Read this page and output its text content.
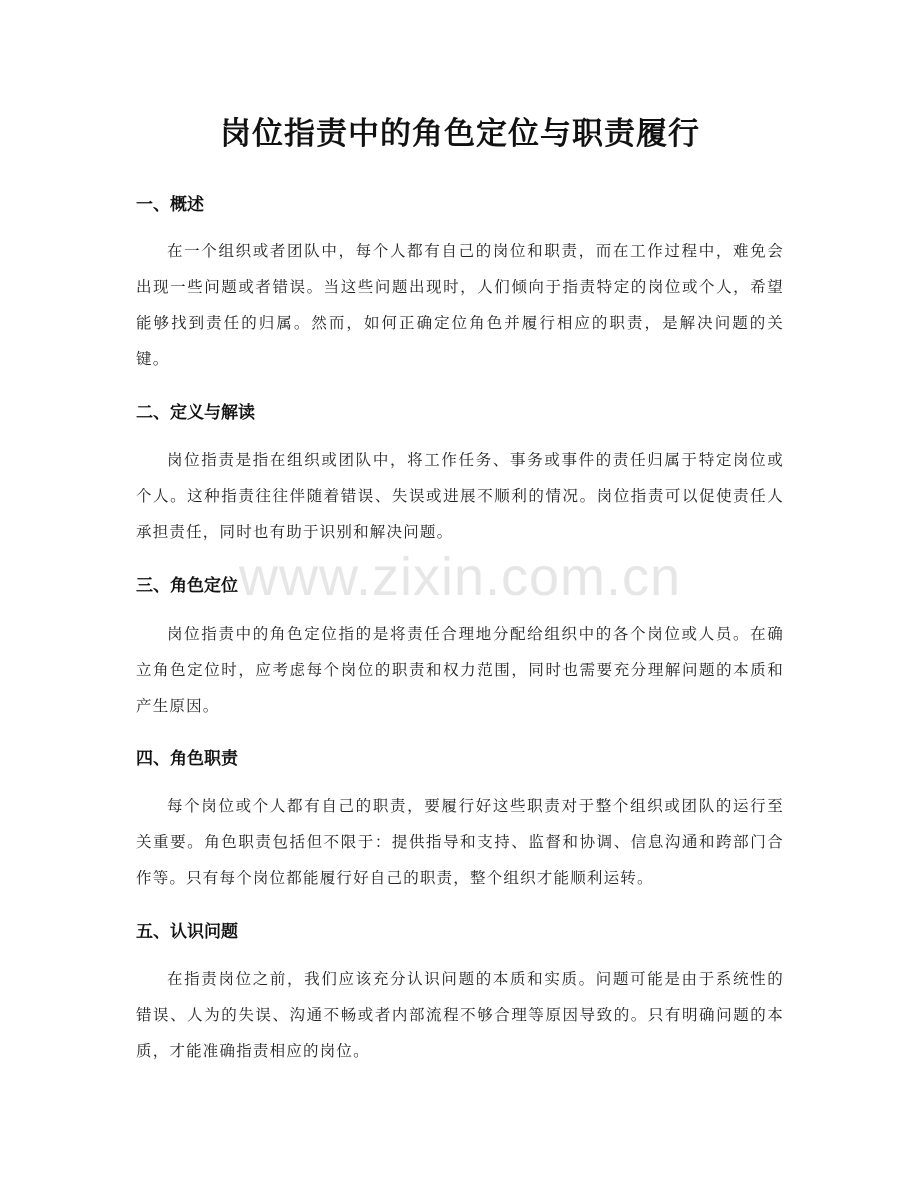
岗位指责中的角色定位与职责履行
一、概述

在一个组织或者团队中，每个人都有自己的岗位和职责，而在工作过程中，难免会出现一些问题或者错误。当这些问题出现时，人们倾向于指责特定的岗位或个人，希望能够找到责任的归属。然而，如何正确定位角色并履行相应的职责，是解决问题的关键。

二、定义与解读

岗位指责是指在组织或团队中，将工作任务、事务或事件的责任归属于特定岗位或个人。这种指责往往伴随着错误、失误或进展不顺利的情况。岗位指责可以促使责任人承担责任，同时也有助于识别和解决问题。

三、角色定位

岗位指责中的角色定位指的是将责任合理地分配给组织中的各个岗位或人员。在确立角色定位时，应考虑每个岗位的职责和权力范围，同时也需要充分理解问题的本质和产生原因。

四、角色职责

每个岗位或个人都有自己的职责，要履行好这些职责对于整个组织或团队的运行至关重要。角色职责包括但不限于：提供指导和支持、监督和协调、信息沟通和跨部门合作等。只有每个岗位都能履行好自己的职责，整个组织才能顺利运转。

五、认识问题

在指责岗位之前，我们应该充分认识问题的本质和实质。问题可能是由于系统性的错误、人为的失误、沟通不畅或者内部流程不够合理等原因导致的。只有明确问题的本质，才能准确指责相应的岗位。

www.zixin.com.cn
